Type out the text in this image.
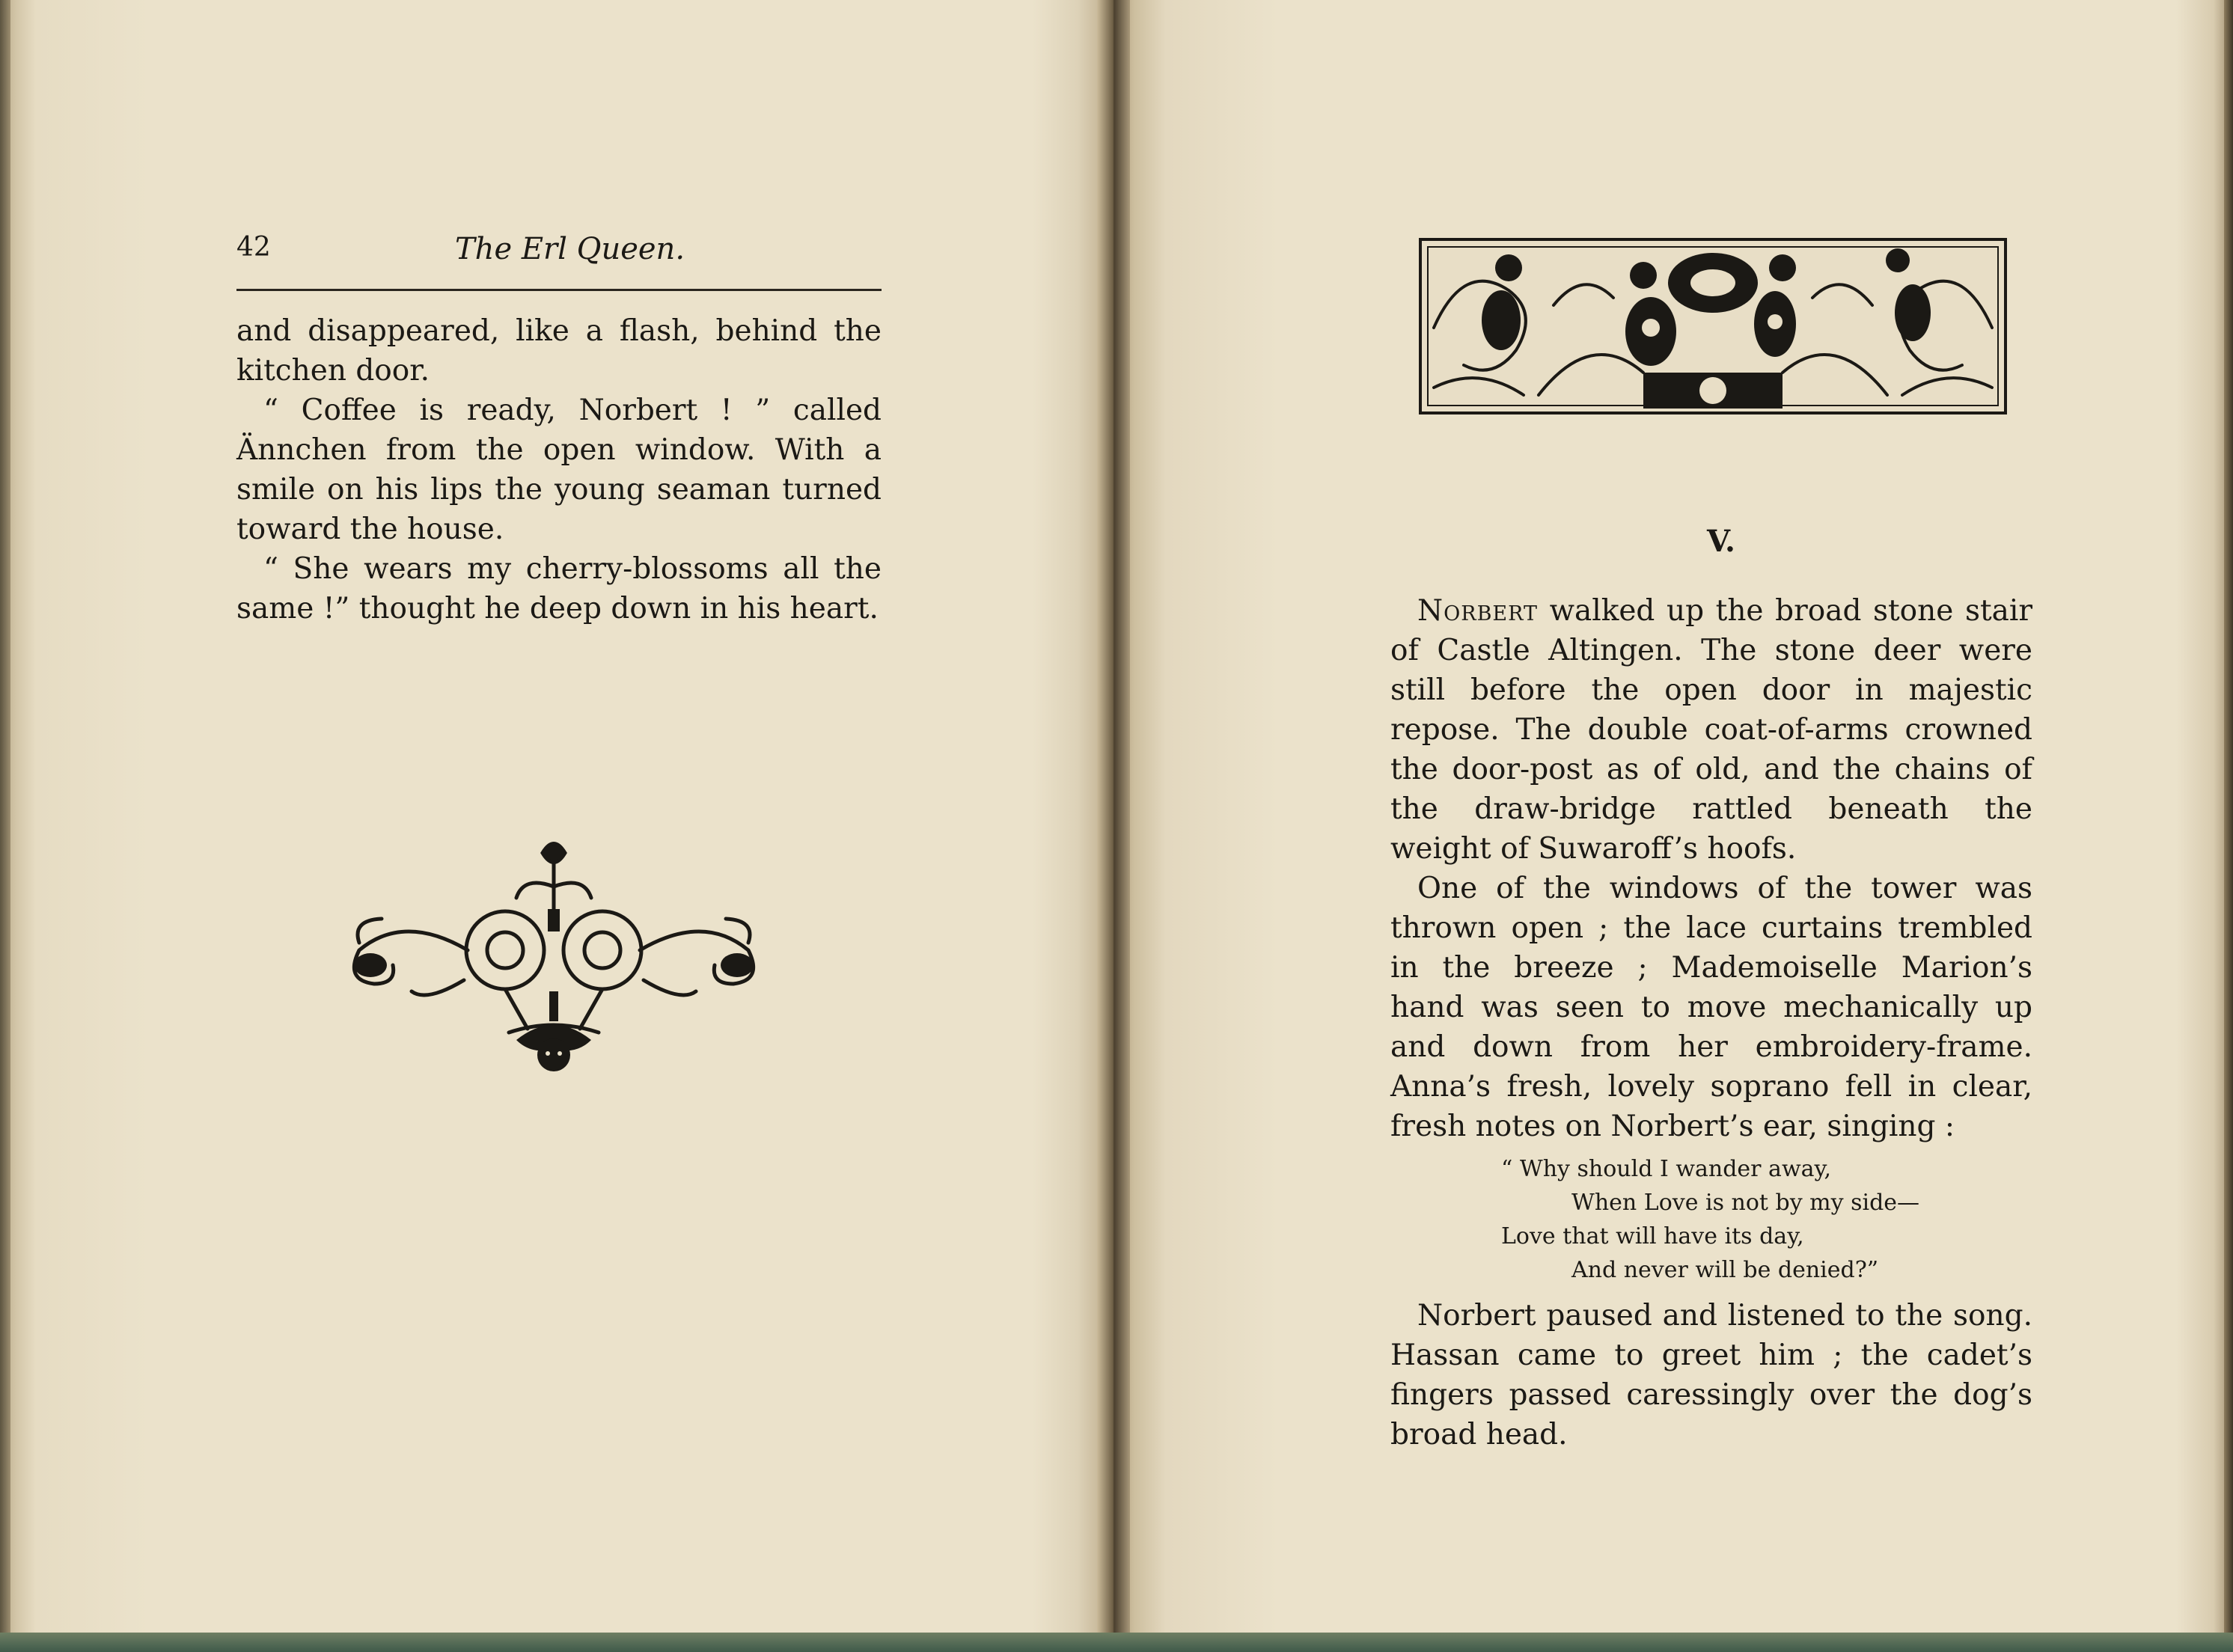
42	The Erl Queen.

and disappeared, like a flash, behind the kitchen door.

“ Coffee is ready, Norbert ! ” called Ännchen from the open window. With a smile on his lips the young seaman turned toward the house.

“ She wears my cherry-blossoms all the same !” thought he deep down in his heart.

V.

Norbert walked up the broad stone stair of Castle Altingen. The stone deer were still before the open door in majestic repose. The double coat-of-arms crowned the door-post as of old, and the chains of the draw-bridge rattled beneath the weight of Suwaroff’s hoofs.

One of the windows of the tower was thrown open ; the lace curtains trembled in the breeze ; Mademoiselle Marion’s hand was seen to move mechanically up and down from her embroidery-frame. Anna’s fresh, lovely soprano fell in clear, fresh notes on Norbert’s ear, singing :

“ Why should I wander away,
When Love is not by my side—
Love that will have its day,
And never will be denied?”

Norbert paused and listened to the song. Hassan came to greet him ; the cadet’s fingers passed caressingly over the dog’s broad head.
